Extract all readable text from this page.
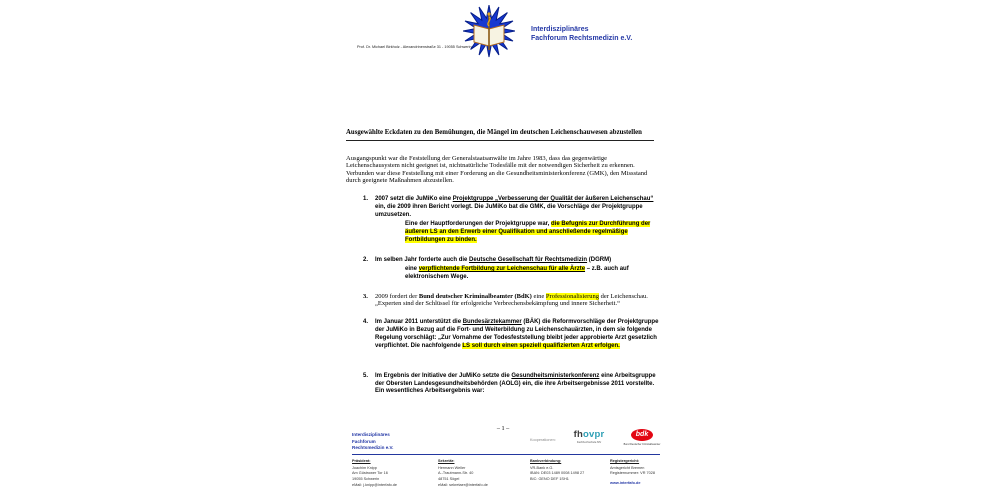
Prof. Dr. Michael Birkholz - Alexandrinenstraße 31 - 19055 Schwerin
Interdisziplinäres
Fachforum Rechtsmedizin e.V.
Ausgewählte Eckdaten zu den Bemühungen, die Mängel im deutschen Leichenschauwesen abzustellen

Ausgangspunkt war die Feststellung der Generalstaatsanwälte im Jahre 1983, dass das gegenwärtige Leichenschausystem nicht geeignet ist, nichtnatürliche Todesfälle mit der notwendigen Sicherheit zu erkennen. Verbunden war diese Feststellung mit einer Forderung an die Gesundheitsministerkonferenz (GMK), den Missstand durch geeignete Maßnahmen abzustellen.

1.	2007 setzt die JuMiKo eine Projektgruppe „Verbesserung der Qualität der äußeren Leichenschau“ ein, die 2009 ihren Bericht vorlegt. Die JuMiKo bat die GMK, die Vorschläge der Projektgruppe umzusetzen.

Eine der Hauptforderungen der Projektgruppe war, die Befugnis zur Durchführung der äußeren LS an den Erwerb einer Qualifikation und anschließende regelmäßige Fortbildungen zu binden.

2.	Im selben Jahr forderte auch die Deutsche Gesellschaft für Rechtsmedizin (DGRM)

eine verpflichtende Fortbildung zur Leichenschau für alle Ärzte – z.B. auch auf elektronischem Wege.

3.	2009 fordert der Bund deutscher Kriminalbeamter (BdK) eine Professionalisierung der Leichenschau. „Experten sind der Schlüssel für erfolgreiche Verbrechensbekämpfung und innere Sicherheit.“

4.	Im Januar 2011 unterstützt die Bundesärztekammer (BÄK) die Reformvorschläge der Projektgruppe der JuMiKo in Bezug auf die Fort- und Weiterbildung zu Leichenschauärzten, in dem sie folgende Regelung vorschlägt: „Zur Vornahme der Todesfeststellung bleibt jeder approbierte Arzt gesetzlich verpflichtet. Die nachfolgende LS soll durch einen speziell qualifizierten Arzt erfolgen.

5.	Im Ergebnis der Initiative der JuMiKo setzte die Gesundheitsministerkonferenz eine Arbeitsgruppe der Obersten Landesgesundheitsbehörden (AOLG) ein, die ihre Arbeitsergebnisse 2011 vorstellte.

Ein wesentliches Arbeitsergebnis war:

– 1 –
Interdisziplinäres
Fachforum
Rechtsmedizin e.V.
Kooperationen:	fhovpr
Fachhochschule MV
bdk
Bund Deutscher Kriminalbeamter
Präsident:
Joachim Knipp
Am Güstrower Tor 16
19055 Schwerin
eMail: j.knipp@interfafo.de
Sekretär:
Hermann Weller
A.-Trautmann-Str. 40
48751 Sögel
eMail: sekretaer@interfafo.de
Bankverbindung:
VR-Bank e.G.
IBAN: DE03 1489 0008 1498 27
BIC: GENO DEF 1SH1
Registergericht:
Amtsgericht Bremen
Registernummer: VR 7028
www.interfafo.de
